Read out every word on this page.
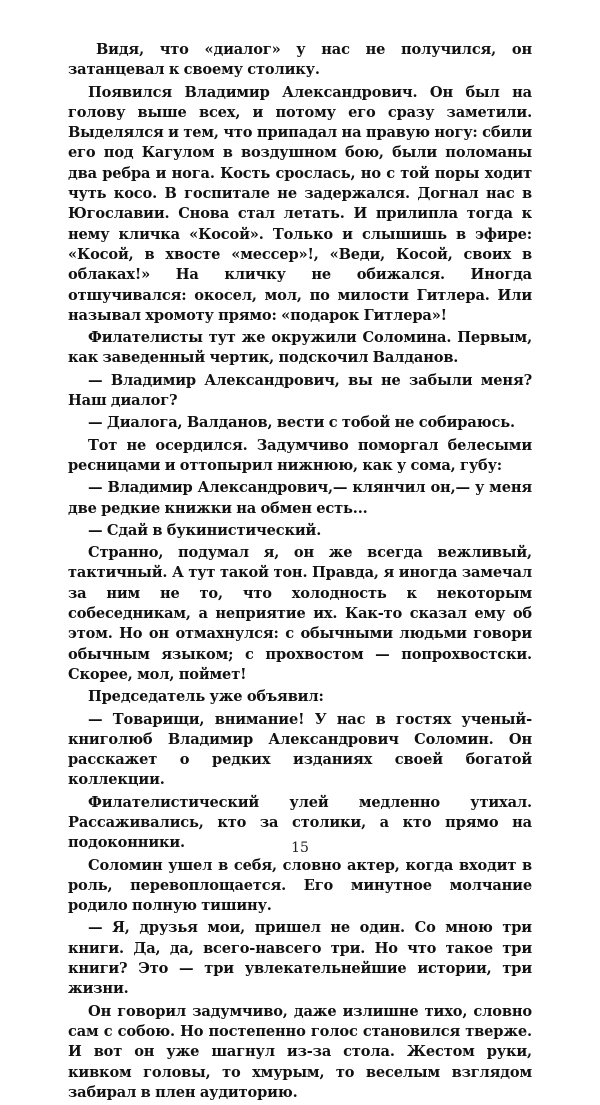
Видя, что «диалог» у нас не получился, он затанцевал к своему столику.

Появился Владимир Александрович. Он был на голову выше всех, и потому его сразу заметили. Выделялся и тем, что припадал на правую ногу: сбили его под Кагулом в воздушном бою, были поломаны два ребра и нога. Кость срослась, но с той поры ходит чуть косо. В госпитале не задержался. Догнал нас в Югославии. Снова стал летать. И прилипла тогда к нему кличка «Косой». Только и слышишь в эфире: «Косой, в хвосте «мессер»!, «Веди, Косой, своих в облаках!» На кличку не обижался. Иногда отшучивался: окосел, мол, по милости Гитлера. Или называл хромоту прямо: «подарок Гитлера»!

Филателисты тут же окружили Соломина. Первым, как заведенный чертик, подскочил Валданов.

— Владимир Александрович, вы не забыли меня? Наш диалог?

— Диалога, Валданов, вести с тобой не собираюсь.

Тот не осердился. Задумчиво поморгал белесыми ресницами и оттопырил нижнюю, как у сома, губу:

— Владимир Александрович,— клянчил он,— у меня две редкие книжки на обмен есть...

— Сдай в букинистический.

Странно, подумал я, он же всегда вежливый, тактичный. А тут такой тон. Правда, я иногда замечал за ним не то, что холодность к некоторым собеседникам, а неприятие их. Как-то сказал ему об этом. Но он отмахнулся: с обычными людьми говори обычным языком; с прохвостом — попрохвостски. Скорее, мол, поймет!

Председатель уже объявил:

— Товарищи, внимание! У нас в гостях ученый-книголюб Владимир Александрович Соломин. Он расскажет о редких изданиях своей богатой коллекции.

Филателистический улей медленно утихал. Рассаживались, кто за столики, а кто прямо на подоконники.

Соломин ушел в себя, словно актер, когда входит в роль, перевоплощается. Его минутное молчание родило полную тишину.

— Я, друзья мои, пришел не один. Со мною три книги. Да, да, всего-навсего три. Но что такое три книги? Это — три увлекательнейшие истории, три жизни.

Он говорил задумчиво, даже излишне тихо, словно сам с собою. Но постепенно голос становился тверже. И вот он уже шагнул из-за стола. Жестом руки, кивком головы, то хмурым, то веселым взглядом забирал в плен аудиторию.

15
